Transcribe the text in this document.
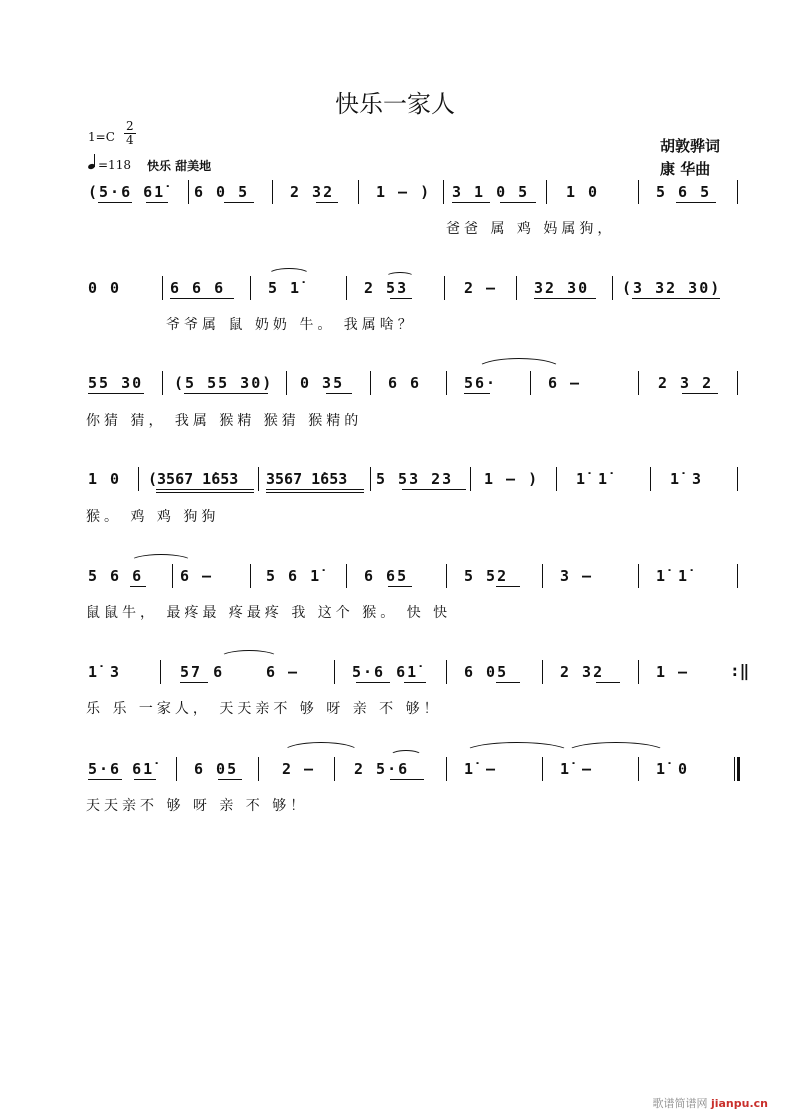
快乐一家人
1=C
2
4
=118 快乐 甜美地
胡敦骅词
康 华曲
(5·6 61̇ 6 0 5	2 32	1 – ) 3 1 0 5 1 0	5 6 5
爸爸 属 鸡 妈属狗，
0 0	6 6 6	5 1̇	2 53	2 – 32 30 (3 32 30)
爷爷属 鼠 奶奶 牛。 我属啥？
55 30 (5 55 30) 0 35	6 6	56·	6 –	2 3 2
你猜 猜， 我属 猴精 猴猜 猴精的
1 0 (3567 1̇653 3567 1̇653 5 53 23 1 – ) 1̇ 1̇	1̇ 3
猴。 鸡 鸡 狗狗
5 6 6 6 –	5 6 1̇	6 65	5 52	3 –	1̇ 1̇
鼠鼠牛， 最疼最 疼最疼 我 这个 猴。 快 快
1̇ 3	57 6	6 –	5·6 61̇	6 05	2 32	1 –	:‖
乐 乐 一家人， 天天亲不 够 呀 亲 不 够！
5·6 61̇	6 05	2 –	2 5·6	1̇ –	1̇ –	1̇ 0
天天亲不 够 呀 亲 不 够！
歌谱简谱网 jianpu.cn
